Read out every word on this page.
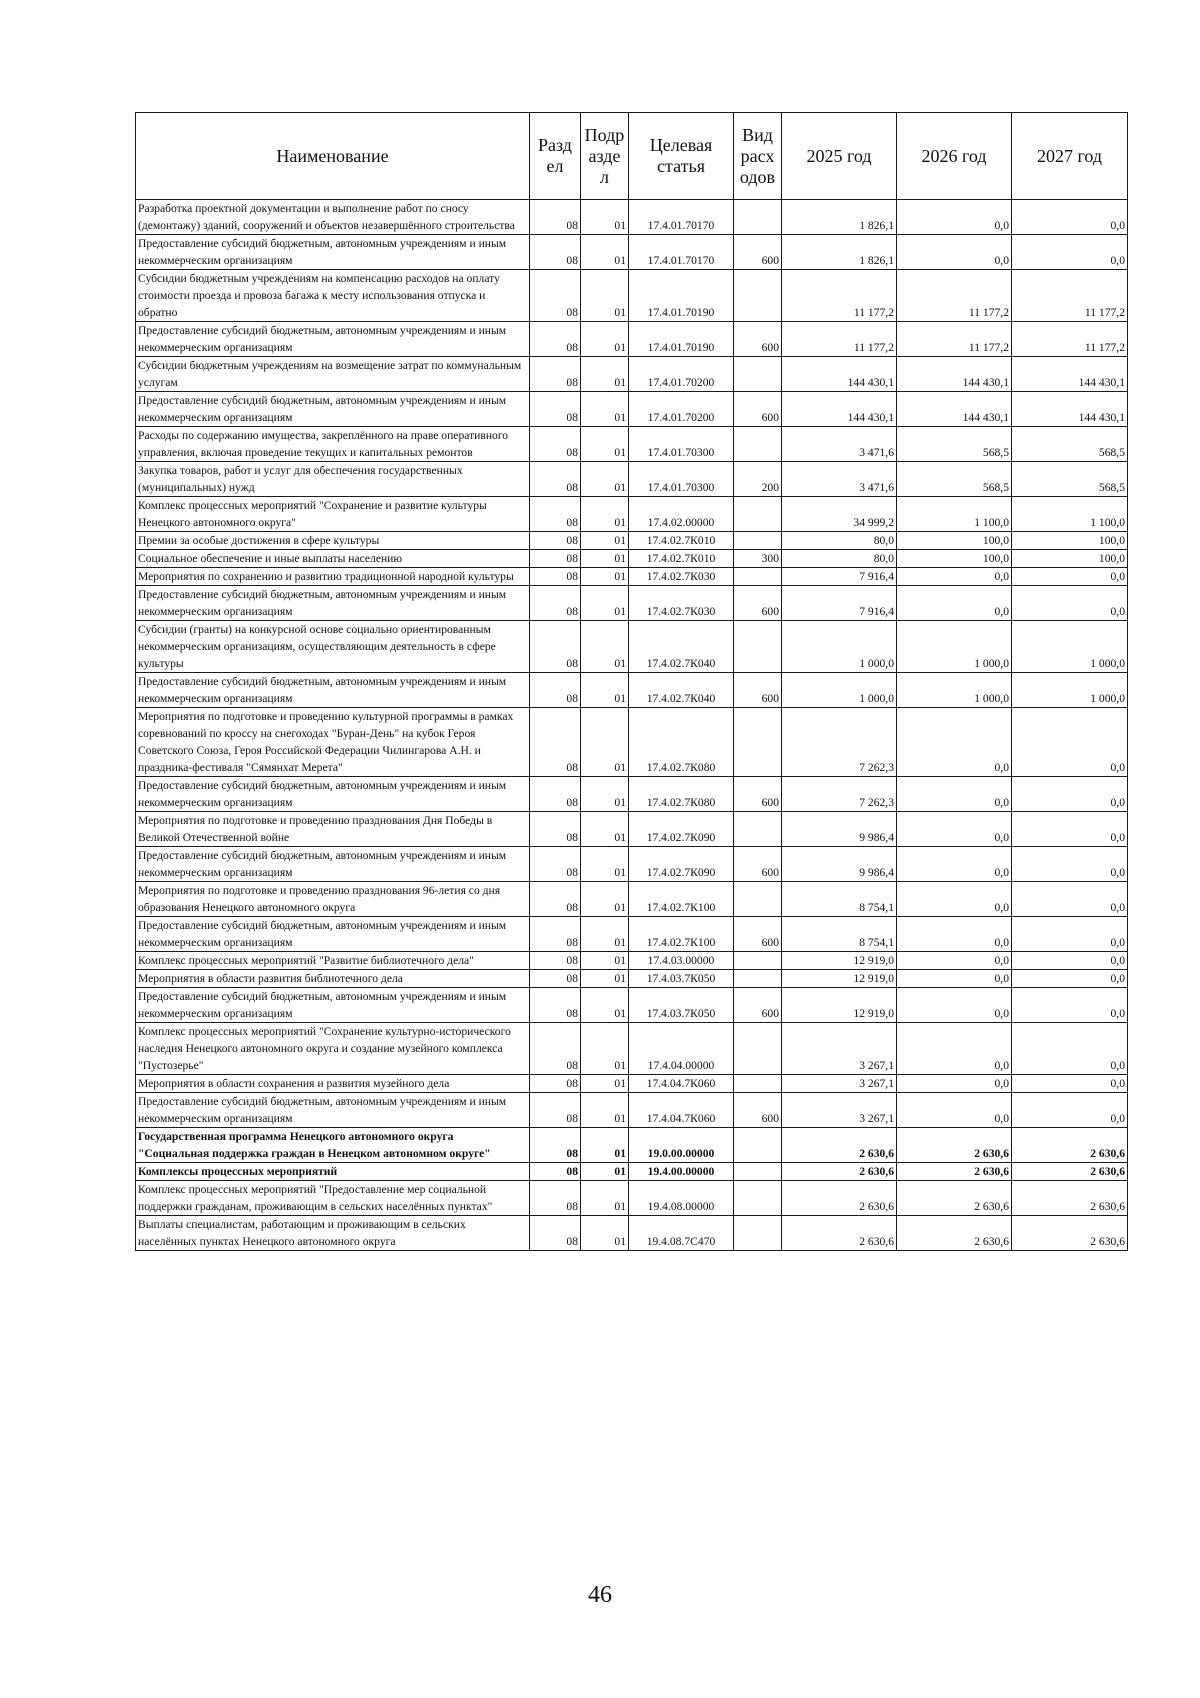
Наименование	Разд ел	Подр азде л	Целевая статья	Вид расх одов	2025 год	2026 год	2027 год
Разработка проектной документации и выполнение работ по сносу (демонтажу) зданий, сооружений и объектов незавершённого строительства	08	01	17.4.01.70170		1 826,1	0,0	0,0
Предоставление субсидий бюджетным, автономным учреждениям и иным некоммерческим организациям	08	01	17.4.01.70170	600	1 826,1	0,0	0,0
Субсидии бюджетным учреждениям на компенсацию расходов на оплату стоимости проезда и провоза багажа к месту использования отпуска и обратно	08	01	17.4.01.70190		11 177,2	11 177,2	11 177,2
Предоставление субсидий бюджетным, автономным учреждениям и иным некоммерческим организациям	08	01	17.4.01.70190	600	11 177,2	11 177,2	11 177,2
Субсидии бюджетным учреждениям на возмещение затрат по коммунальным услугам	08	01	17.4.01.70200		144 430,1	144 430,1	144 430,1
Предоставление субсидий бюджетным, автономным учреждениям и иным некоммерческим организациям	08	01	17.4.01.70200	600	144 430,1	144 430,1	144 430,1
Расходы по содержанию имущества, закреплённого на праве оперативного управления, включая проведение текущих и капитальных ремонтов	08	01	17.4.01.70300		3 471,6	568,5	568,5
Закупка товаров, работ и услуг для обеспечения государственных (муниципальных) нужд	08	01	17.4.01.70300	200	3 471,6	568,5	568,5
Комплекс процессных мероприятий "Сохранение и развитие культуры Ненецкого автономного округа"	08	01	17.4.02.00000		34 999,2	1 100,0	1 100,0
Премии за особые достижения в сфере культуры	08	01	17.4.02.7К010		80,0	100,0	100,0
Социальное обеспечение и иные выплаты населению	08	01	17.4.02.7К010	300	80,0	100,0	100,0
Мероприятия по сохранению и развитию традиционной народной культуры	08	01	17.4.02.7К030		7 916,4	0,0	0,0
Предоставление субсидий бюджетным, автономным учреждениям и иным некоммерческим организациям	08	01	17.4.02.7К030	600	7 916,4	0,0	0,0
Субсидии (гранты) на конкурсной основе социально ориентированным некоммерческим организациям, осуществляющим деятельность в сфере культуры	08	01	17.4.02.7К040		1 000,0	1 000,0	1 000,0
Предоставление субсидий бюджетным, автономным учреждениям и иным некоммерческим организациям	08	01	17.4.02.7К040	600	1 000,0	1 000,0	1 000,0
Мероприятия по подготовке и проведению культурной программы в рамках соревнований по кроссу на снегоходах "Буран-День" на кубок Героя Советского Союза, Героя Российской Федерации Чилингарова А.Н. и праздника-фестиваля "Сямянхат Мерета"	08	01	17.4.02.7К080		7 262,3	0,0	0,0
Предоставление субсидий бюджетным, автономным учреждениям и иным некоммерческим организациям	08	01	17.4.02.7К080	600	7 262,3	0,0	0,0
Мероприятия по подготовке и проведению празднования Дня Победы в Великой Отечественной войне	08	01	17.4.02.7К090		9 986,4	0,0	0,0
Предоставление субсидий бюджетным, автономным учреждениям и иным некоммерческим организациям	08	01	17.4.02.7К090	600	9 986,4	0,0	0,0
Мероприятия по подготовке и проведению празднования 96-летия со дня образования Ненецкого автономного округа	08	01	17.4.02.7К100		8 754,1	0,0	0,0
Предоставление субсидий бюджетным, автономным учреждениям и иным некоммерческим организациям	08	01	17.4.02.7К100	600	8 754,1	0,0	0,0
Комплекс процессных мероприятий "Развитие библиотечного дела"	08	01	17.4.03.00000		12 919,0	0,0	0,0
Мероприятия в области развития библиотечного дела	08	01	17.4.03.7К050		12 919,0	0,0	0,0
Предоставление субсидий бюджетным, автономным учреждениям и иным некоммерческим организациям	08	01	17.4.03.7К050	600	12 919,0	0,0	0,0
Комплекс процессных мероприятий "Сохранение культурно-исторического наследия Ненецкого автономного округа и создание музейного комплекса "Пустозерье"	08	01	17.4.04.00000		3 267,1	0,0	0,0
Мероприятия в области сохранения и развития музейного дела	08	01	17.4.04.7К060		3 267,1	0,0	0,0
Предоставление субсидий бюджетным, автономным учреждениям и иным некоммерческим организациям	08	01	17.4.04.7К060	600	3 267,1	0,0	0,0
Государственная программа Ненецкого автономного округа "Социальная поддержка граждан в Ненецком автономном округе"	08	01	19.0.00.00000		2 630,6	2 630,6	2 630,6
Комплексы процессных мероприятий	08	01	19.4.00.00000		2 630,6	2 630,6	2 630,6
Комплекс процессных мероприятий "Предоставление мер социальной поддержки гражданам, проживающим в сельских населённых пунктах"	08	01	19.4.08.00000		2 630,6	2 630,6	2 630,6
Выплаты специалистам, работающим и проживающим в сельских населённых пунктах Ненецкого автономного округа	08	01	19.4.08.7С470		2 630,6	2 630,6	2 630,6
46
